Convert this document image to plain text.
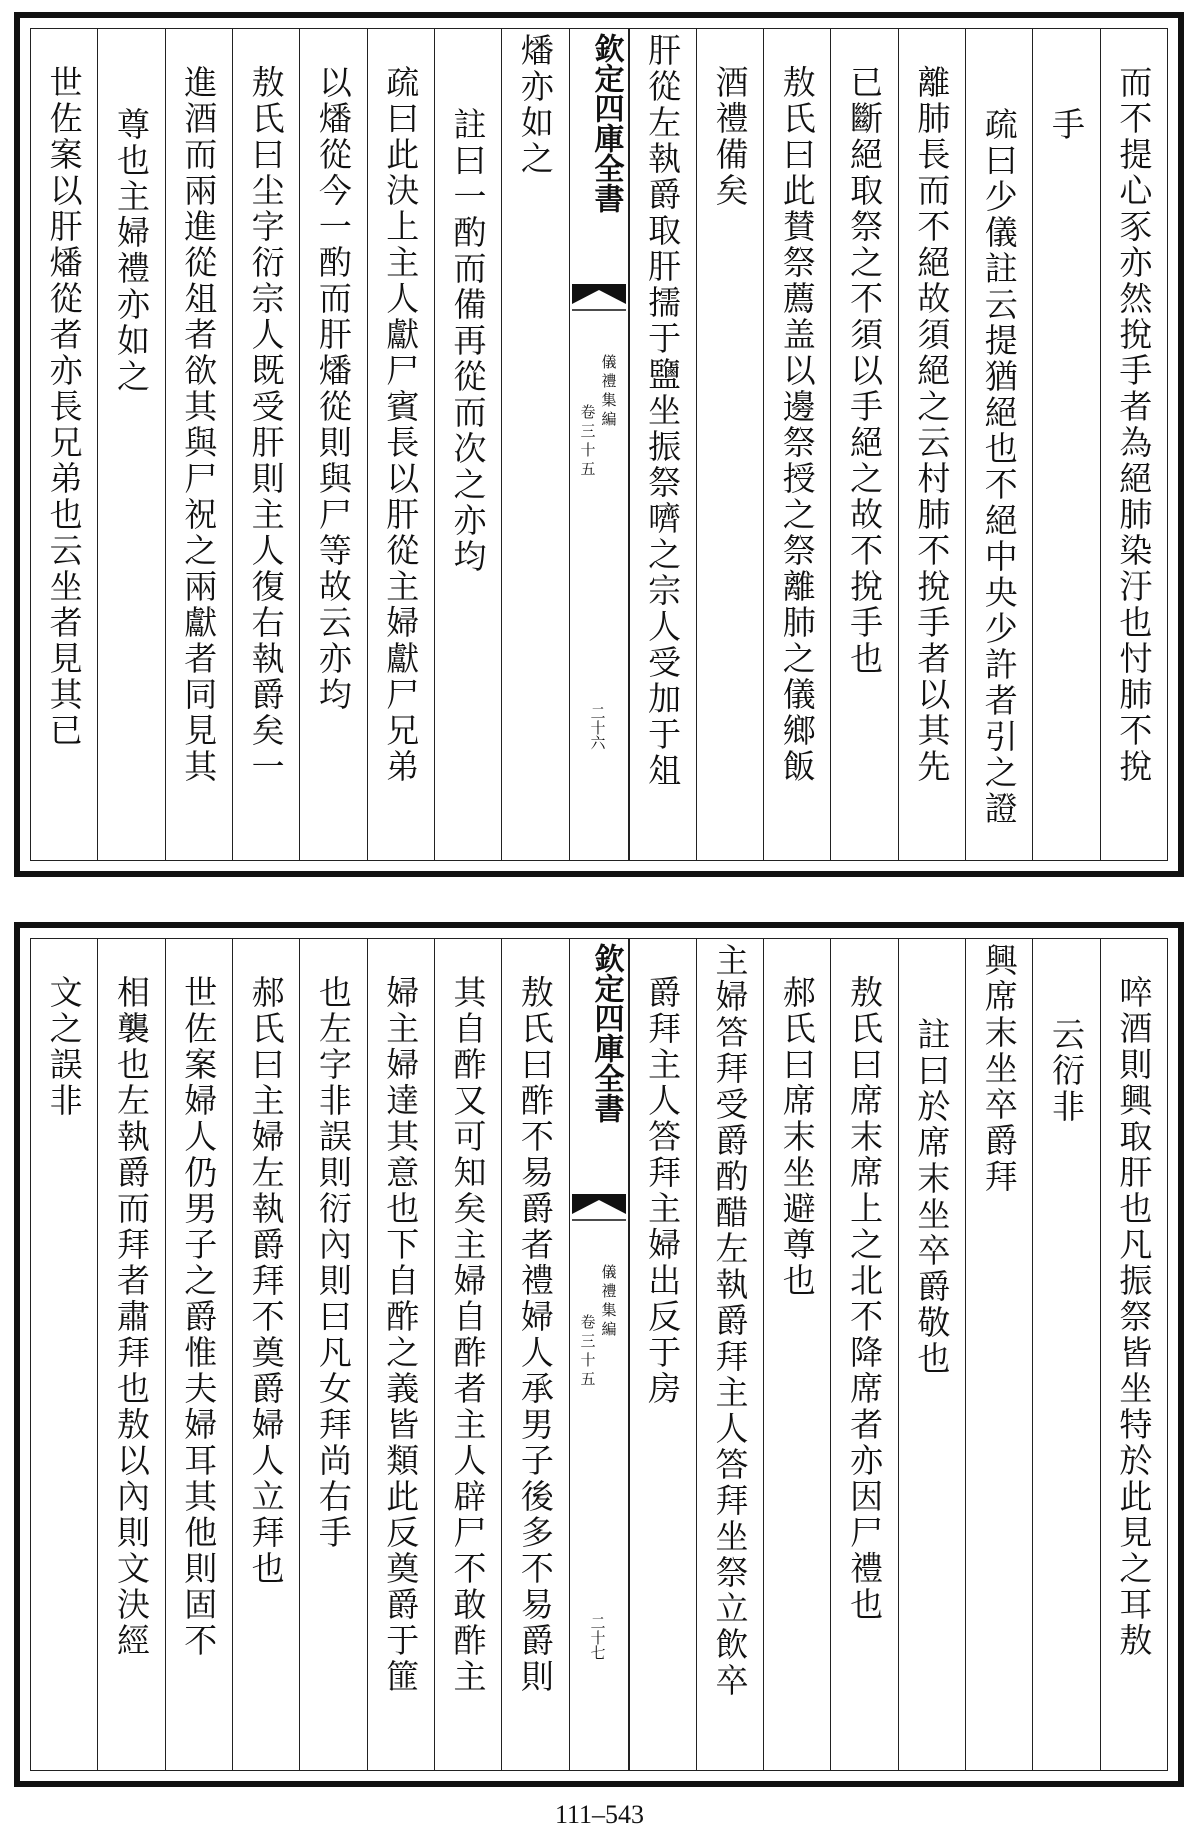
而不提心豕亦然挩手者為絕肺染汙也忖肺不挩
手
疏曰少儀註云提猶絕也不絕中央少許者引之證
離肺長而不絕故須絕之云村肺不挩手者以其先
已斷絕取祭之不須以手絕之故不挩手也
敖氏曰此賛祭薦盖以邊祭授之祭離肺之儀鄉飯
酒禮備矣
肝從左執爵取肝擩于鹽坐振祭嚌之宗人受加于俎
欽定四庫全書
儀禮集編
卷三十五
二十六
燔亦如之
註曰一酌而備再從而次之亦均
疏曰此決上主人獻尸賓長以肝從主婦獻尸兄弟
以燔從今一酌而肝燔從則與尸等故云亦均
敖氏曰尘字衍宗人既受肝則主人復右執爵矣一
進酒而兩進從俎者欲其與尸祝之兩獻者同見其
尊也主婦禮亦如之
世佐案以肝燔從者亦長兄弟也云坐者見其已
啐酒則興取肝也凡振祭皆坐特於此見之耳敖
云衍非
興席末坐卒爵拜
註曰於席末坐卒爵敬也
敖氏曰席末席上之北不降席者亦因尸禮也
郝氏曰席末坐避尊也
主婦答拜受爵酌醋左執爵拜主人答拜坐祭立飲卒
爵拜主人答拜主婦出反于房
欽定四庫全書
儀禮集編
卷三十五
二十七
敖氏曰酢不易爵者禮婦人承男子後多不易爵則
其自酢又可知矣主婦自酢者主人辟尸不敢酢主
婦主婦達其意也下自酢之義皆類此反奠爵于篚
也左字非誤則衍內則曰凡女拜尚右手
郝氏曰主婦左執爵拜不奠爵婦人立拜也
世佐案婦人仍男子之爵惟夫婦耳其他則固不
相襲也左執爵而拜者肅拜也敖以內則文決經
文之誤非
111–543
